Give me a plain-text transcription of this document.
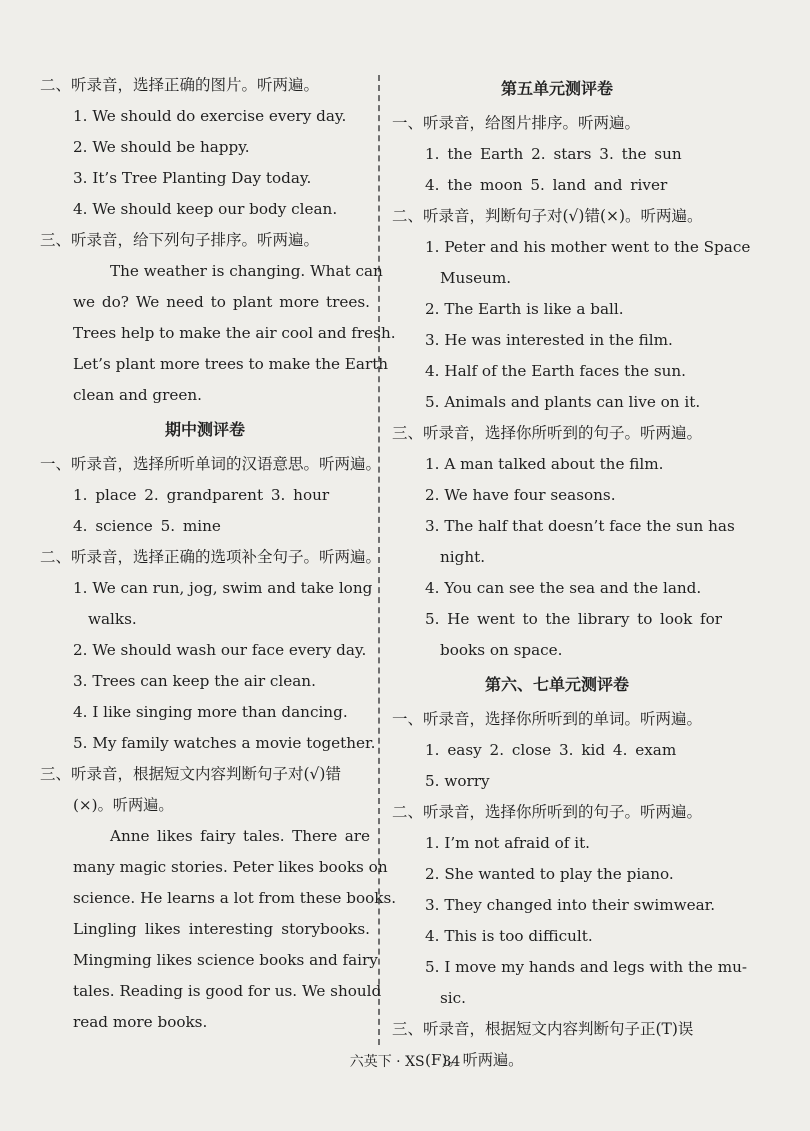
二、听录音，选择正确的图片。听两遍。
1. We should do exercise every day.
2. We should be happy.
3. It’s Tree Planting Day today.
4. We should keep our body clean.
三、听录音，给下列句子排序。听两遍。
The weather is changing. What can
we do? We need to plant more trees.
Trees help to make the air cool and fresh.
Let’s plant more trees to make the Earth
clean and green.
期中测评卷
一、听录音，选择所听单词的汉语意思。听两遍。
1. place 2. grandparent 3. hour
4. science 5. mine
二、听录音，选择正确的选项补全句子。听两遍。
1. We can run, jog, swim and take long
walks.
2. We should wash our face every day.
3. Trees can keep the air clean.
4. I like singing more than dancing.
5. My family watches a movie together.
三、听录音，根据短文内容判断句子对(√)错
(×)。听两遍。
Anne likes fairy tales. There are
many magic stories. Peter likes books on
science. He learns a lot from these books.
Lingling likes interesting storybooks.
Mingming likes science books and fairy
tales. Reading is good for us. We should
read more books.
第五单元测评卷
一、听录音，给图片排序。听两遍。
1. the Earth 2. stars 3. the sun
4. the moon 5. land and river
二、听录音，判断句子对(√)错(×)。听两遍。
1. Peter and his mother went to the Space
Museum.
2. The Earth is like a ball.
3. He was interested in the film.
4. Half of the Earth faces the sun.
5. Animals and plants can live on it.
三、听录音，选择你所听到的句子。听两遍。
1. A man talked about the film.
2. We have four seasons.
3. The half that doesn’t face the sun has
night.
4. You can see the sea and the land.
5. He went to the library to look for
books on space.
第六、七单元测评卷
一、听录音，选择你所听到的单词。听两遍。
1. easy 2. close 3. kid 4. exam
5. worry
二、听录音，选择你所听到的句子。听两遍。
1. I’m not afraid of it.
2. She wanted to play the piano.
3. They changed into their swimwear.
4. This is too difficult.
5. I move my hands and legs with the mu-
sic.
三、听录音，根据短文内容判断句子正(T)误
(F)。听两遍。
六英下 · XS    34
